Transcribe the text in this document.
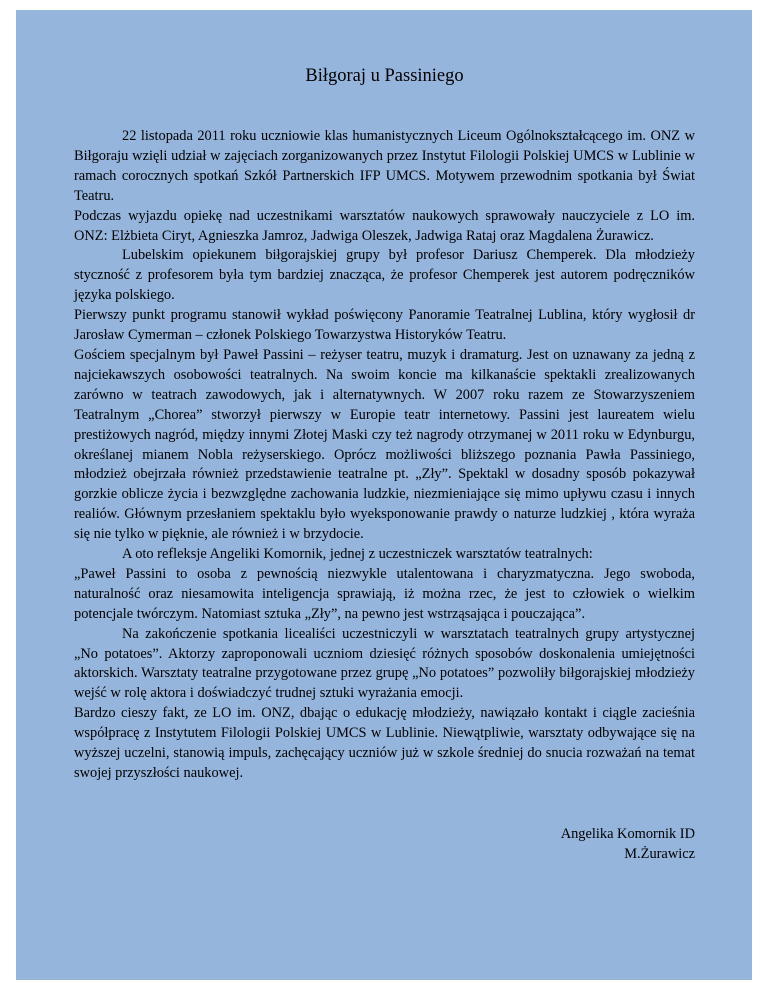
Biłgoraj u Passiniego

22 listopada 2011 roku uczniowie klas humanistycznych Liceum Ogólnokształcącego im. ONZ w Biłgoraju wzięli udział w zajęciach zorganizowanych przez Instytut Filologii Polskiej UMCS w Lublinie w ramach corocznych spotkań Szkół Partnerskich IFP UMCS. Motywem przewodnim spotkania był Świat Teatru.

Podczas wyjazdu opiekę nad uczestnikami warsztatów naukowych sprawowały nauczyciele z LO im. ONZ: Elżbieta Ciryt, Agnieszka Jamroz, Jadwiga Oleszek, Jadwiga Rataj oraz Magdalena Żurawicz.

Lubelskim opiekunem biłgorajskiej grupy był profesor Dariusz Chemperek. Dla młodzieży styczność z profesorem była tym bardziej znacząca, że profesor Chemperek jest autorem podręczników języka polskiego.

Pierwszy punkt programu stanowił wykład poświęcony Panoramie Teatralnej Lublina, który wygłosił dr Jarosław Cymerman – członek Polskiego Towarzystwa Historyków Teatru.

Gościem specjalnym był Paweł Passini – reżyser teatru, muzyk i dramaturg. Jest on uznawany za jedną z najciekawszych osobowości teatralnych. Na swoim koncie ma kilkanaście spektakli zrealizowanych zarówno w teatrach zawodowych, jak i alternatywnych. W 2007 roku razem ze Stowarzyszeniem Teatralnym „Chorea” stworzył pierwszy w Europie teatr internetowy. Passini jest laureatem wielu prestiżowych nagród, między innymi Złotej Maski czy też nagrody otrzymanej w 2011 roku w Edynburgu, określanej mianem Nobla reżyserskiego. Oprócz możliwości bliższego poznania Pawła Passiniego, młodzież obejrzała również przedstawienie teatralne pt. „Zły”. Spektakl w dosadny sposób pokazywał gorzkie oblicze życia i bezwzględne zachowania ludzkie, niezmieniające się mimo upływu czasu i innych realiów. Głównym przesłaniem spektaklu było wyeksponowanie prawdy o naturze ludzkiej , która wyraża się nie tylko w pięknie, ale również i w brzydocie.

A oto refleksje Angeliki Komornik, jednej z uczestniczek warsztatów teatralnych:

„Paweł Passini to osoba z pewnością niezwykle utalentowana i charyzmatyczna. Jego swoboda, naturalność oraz niesamowita inteligencja sprawiają, iż można rzec, że jest to człowiek o wielkim potencjale twórczym. Natomiast sztuka „Zły”, na pewno jest wstrząsająca i pouczająca”.

Na zakończenie spotkania licealiści uczestniczyli w warsztatach teatralnych grupy artystycznej „No potatoes”. Aktorzy zaproponowali uczniom dziesięć różnych sposobów doskonalenia umiejętności aktorskich. Warsztaty teatralne przygotowane przez grupę „No potatoes” pozwoliły biłgorajskiej młodzieży wejść w rolę aktora i doświadczyć trudnej sztuki wyrażania emocji.

Bardzo cieszy fakt, ze LO im. ONZ, dbając o edukację młodzieży, nawiązało kontakt i ciągle zacieśnia współpracę z Instytutem Filologii Polskiej UMCS w Lublinie. Niewątpliwie, warsztaty odbywające się na wyższej uczelni, stanowią impuls, zachęcający uczniów już w szkole średniej do snucia rozważań na temat swojej przyszłości naukowej.

Angelika Komornik ID
M.Żurawicz
